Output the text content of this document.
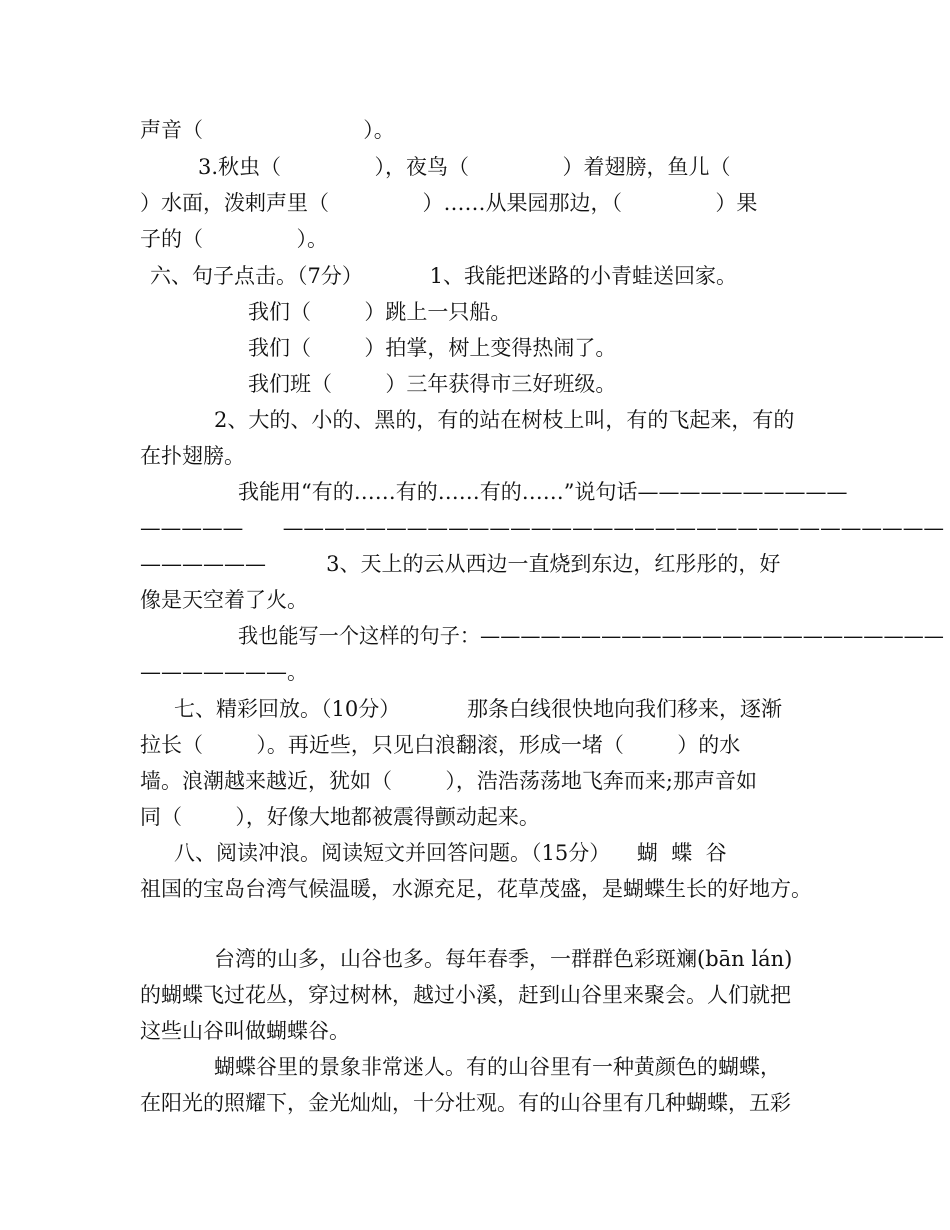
声音（                        ）。

3.秋虫（              ），夜鸟（              ）着翅膀，鱼儿（

）水面，泼剌声里（              ）……从果园那边，（              ）果

子的（              ）。

六、句子点击。（7分）          1、我能把迷路的小青蛙送回家。

我们（        ）跳上一只船。

我们（        ）拍掌，树上变得热闹了。

我们班（        ）三年获得市三好班级。

2、大的、小的、黑的，有的站在树枝上叫，有的飞起来，有的

在扑翅膀。

我能用“有的……有的……有的……”说句话——————————

—————      ————————————————————————————————

——————         3、天上的云从西边一直烧到东边，红彤彤的，好

像是天空着了火。

我也能写一个这样的句子：———————————————————————

———————。

七、精彩回放。（10分）          那条白线很快地向我们移来，逐渐

拉长（        ）。再近些，只见白浪翻滚，形成一堵（        ）的水

墙。浪潮越来越近，犹如（        ），浩浩荡荡地飞奔而来;那声音如

同（        ），好像大地都被震得颤动起来。

八、阅读冲浪。阅读短文并回答问题。（15分）    蝴  蝶  谷

祖国的宝岛台湾气候温暖，水源充足，花草茂盛，是蝴蝶生长的好地方。

台湾的山多，山谷也多。每年春季，一群群色彩斑斓(bān lán)

的蝴蝶飞过花丛，穿过树林，越过小溪，赶到山谷里来聚会。人们就把

这些山谷叫做蝴蝶谷。

蝴蝶谷里的景象非常迷人。有的山谷里有一种黄颜色的蝴蝶，

在阳光的照耀下，金光灿灿，十分壮观。有的山谷里有几种蝴蝶，五彩
